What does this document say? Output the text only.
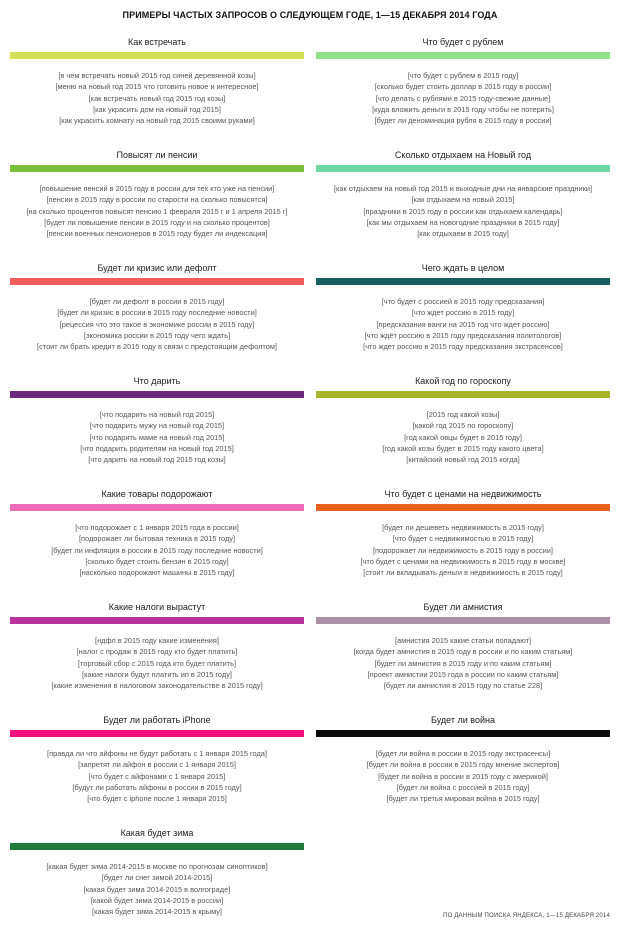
ПРИМЕРЫ ЧАСТЫХ ЗАПРОСОВ О СЛЕДУЮЩЕМ ГОДЕ, 1—15 ДЕКАБРЯ 2014 ГОДА
Как встречать
[в чем встречать новый 2015 год синей деревянной козы]
[меню на новый год 2015 что готовить новое и интересное]
[как встречать новый год 2015 год козы]
[как украсить дом на новый год 2015]
[как украсить комнату на новый год 2015 своими руками]
Что будет с рублем
[что будет с рублем в 2015 году]
[сколько будет стоить доллар в 2015 году в россии]
[что делать с рублями в 2015 году-свежие данные]
[куда вложить деньги в 2015 году чтобы не потерять]
[будет ли деноминация рубля в 2015 году в россии]
Повысят ли пенсии
[повышение пенсий в 2015 году в россии для тех кто уже на пенсии]
[пенсии в 2015 году в россии по старости на сколько повысятся]
[на сколько процентов повысят пенсию 1 февраля 2015 г и 1 апреля 2015 г]
[будет ли повышение пенсии в 2015 году и на сколько процентов]
[пенсии военных пенсионеров в 2015 году будет ли индексация]
Сколько отдыхаем на Новый год
[как отдыхаем на новый год 2015 и выходные дни на январские праздники]
[как отдыхаем на новый 2015]
[праздники в 2015 году в россии как отдыхаем календарь]
[как мы отдыхаем на новогодние праздники в 2015 году]
[как отдыхаем в 2015 году]
Будет ли кризис или дефолт
[будет ли дефолт в россии в 2015 году]
[будет ли кризис в россии в 2015 году последние новости]
[рецессия что это такое в экономике россии в 2015 году]
[экономика россии в 2015 году чего ждать]
[стоит ли брать кредит в 2015 году в связи с предстоящим дефолтом]
Чего ждать в целом
[что будет с россией в 2015 году предсказания]
[что ждет россию в 2015 году]
[предсказания ванги на 2015 год что ждет россию]
[что ждёт россию в 2015 году предсказания политологов]
[что ждет россию в 2015 году предсказания экстрасенсов]
Что дарить
[что подарить на новый год 2015]
[что подарить мужу на новый год 2015]
[что подарить маме на новый год 2015]
[что подарить родителям на новый год 2015]
[что дарить на новый год 2015 год козы]
Какой год по гороскопу
[2015 год какой козы]
[какой год 2015 по гороскопу]
[год какой овцы будет в 2015 году]
[год какой козы будет в 2015 году какого цвета]
[китайский новый год 2015 когда]
Какие товары подорожают
[что подорожает с 1 января 2015 года в россии]
[подорожает ли бытовая техника в 2015 году]
[будет ли инфляция в россии в 2015 году последние новости]
[сколько будет стоить бензин в 2015 году]
[насколько подорожают машины в 2015 году]
Что будет с ценами на недвижимость
[будет ли дешеветь недвижимость в 2015 году]
[что будет с недвижимостью в 2015 году]
[подорожает ли недвижимость в 2015 году в россии]
[что будет с ценами на недвижимость в 2015 году в москве]
[стоит ли вкладывать деньги в недвижимость в 2015 году]
Какие налоги вырастут
[ндфл в 2015 году какие изменения]
[налог с продаж в 2015 году кто будет платить]
[торговый сбор с 2015 года кто будет платить]
[какие налоги будут платить ип в 2015 году]
[какие изменения в налоговом законодательстве в 2015 году]
Будет ли амнистия
[амнистия 2015 какие статьи попадают]
[когда будет амнистия в 2015 году в россии и по каким статьям]
[будет ли амнистия в 2015 году и по каким статьям]
[проект амнистии 2015 года в россии по каким статьям]
[будет ли амнистия в 2015 году по статье 228]
Будет ли работать iPhone
[правда ли что айфоны не будут работать с 1 января 2015 года]
[запретят ли айфон в россии с 1 января 2015]
[что будет с айфонами с 1 января 2015]
[будут ли работать айфоны в россии в 2015 году]
[что будет с iphone после 1 января 2015]
Будет ли война
[будет ли война в россии в 2015 году экстрасенсы]
[будет ли война в россии в 2015 году мнение экспертов]
[будет ли война в россии в 2015 году с америкой]
[будет ли война с россией в 2015 году]
[будет ли третья мировая война в 2015 году]
Какая будет зима
[какая будет зима 2014-2015 в москве по прогнозам синоптиков]
[будет ли снег зимой 2014-2015]
[какая будет зима 2014-2015 в волгограде]
[какой будет зима 2014-2015 в россии]
[какая будет зима 2014-2015 в крыму]	ПО ДАННЫМ ПОИСКА ЯНДЕКСА, 1—15 ДЕКАБРЯ 2014
